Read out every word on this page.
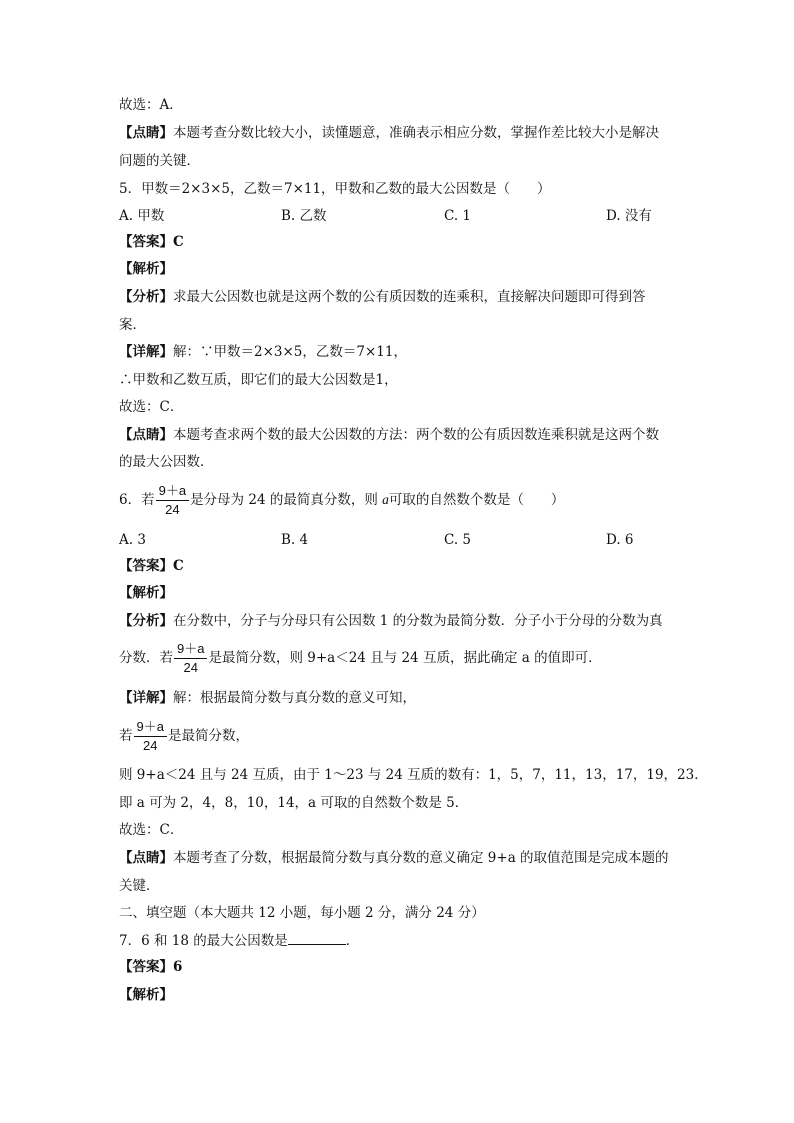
故选：A．
【点睛】本题考查分数比较大小，读懂题意，准确表示相应分数，掌握作差比较大小是解决
问题的关键．
5．甲数＝2×3×5，乙数＝7×11，甲数和乙数的最大公因数是（　　）
A. 甲数	B. 乙数	C. 1	D. 没有
【答案】C
【解析】
【分析】求最大公因数也就是这两个数的公有质因数的连乘积，直接解决问题即可得到答
案．
【详解】解：∵甲数＝2×3×5，乙数＝7×11，
∴甲数和乙数互质，即它们的最大公因数是1，
故选：C．
【点睛】本题考查求两个数的最大公因数的方法：两个数的公有质因数连乘积就是这两个数
的最大公因数．
6．若 $\frac{9+a}{24}$ 是分母为 24 的最简真分数，则 a可取的自然数个数是（　　）
A. 3	B. 4	C. 5	D. 6
【答案】C
【解析】
【分析】在分数中，分子与分母只有公因数 1 的分数为最简分数．分子小于分母的分数为真
分数．若 $\frac{9+a}{24}$ 是最简分数，则 9+a＜24 且与 24 互质，据此确定 a 的值即可．
【详解】解：根据最简分数与真分数的意义可知，
若 $\frac{9+a}{24}$ 是最简分数，
则 9+a＜24 且与 24 互质，由于 1～23 与 24 互质的数有：1，5，7，11，13，17，19，23．
即 a 可为 2，4，8，10，14，a 可取的自然数个数是 5．
故选：C．
【点睛】本题考查了分数，根据最简分数与真分数的意义确定 9+a 的取值范围是完成本题的
关键．
二、填空题（本大题共 12 小题，每小题 2 分，满分 24 分）
7．6 和 18 的最大公因数是	．
【答案】6
【解析】
